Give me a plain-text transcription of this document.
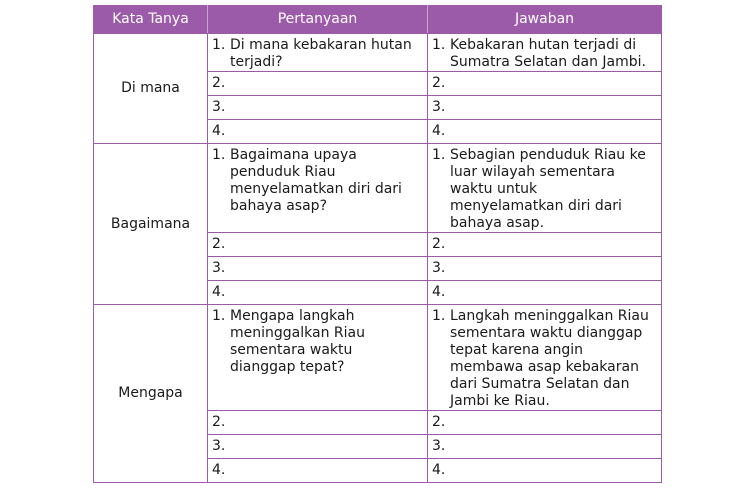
Kata Tanya	Pertanyaan	Jawaban
Di mana	1. Di mana kebakaran hutan terjadi?	1. Kebakaran hutan terjadi di Sumatra Selatan dan Jambi.

	2.	2.

	3.	3.

	4.	4.

Bagaimana	1. Bagaimana upaya penduduk Riau menyelamatkan diri dari bahaya asap?	1. Sebagian penduduk Riau ke luar wilayah sementara waktu untuk menyelamatkan diri dari bahaya asap.

	2.	2.

	3.	3.

	4.	4.

Mengapa	1. Mengapa langkah meninggalkan Riau sementara waktu dianggap tepat?	1. Langkah meninggalkan Riau sementara waktu dianggap tepat karena angin membawa asap kebakaran dari Sumatra Selatan dan Jambi ke Riau.

	2.	2.

	3.	3.

	4.	4.
